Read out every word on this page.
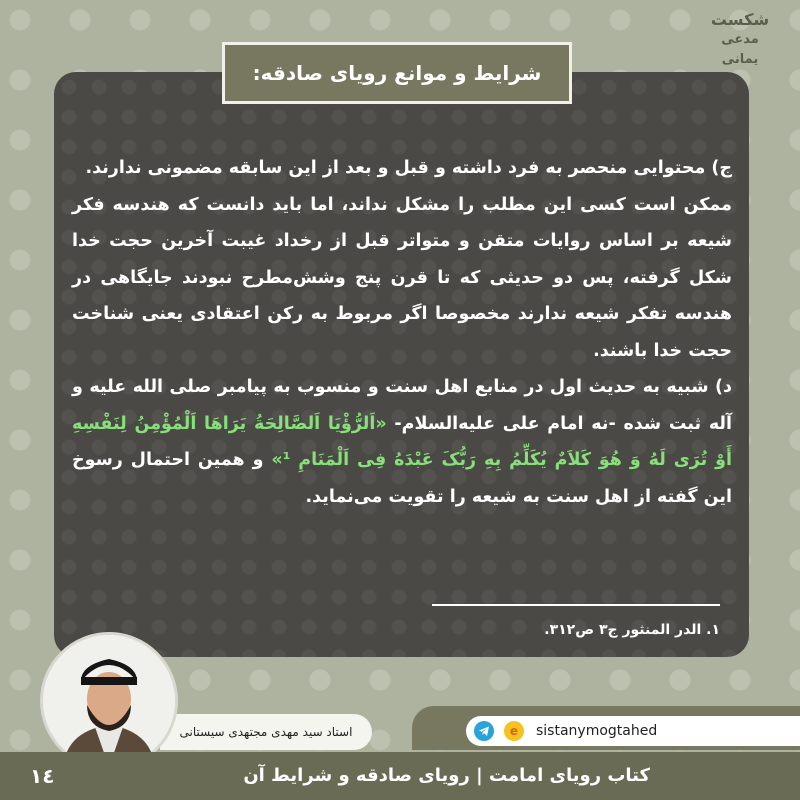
شکست
مدعی
یمانی
شرایط و موانع رویای صادقه:

ج) محتوایی منحصر به فرد داشته و قبل و بعد از این سابقه مضمونی ندارند.

ممکن است کسی این مطلب را مشکل نداند، اما باید دانست که هندسه فکر شیعه بر اساس روایات متقن و متواتر قبل از رخداد غیبت آخرین حجت خدا شکل گرفته، پس دو حدیثی که تا قرن پنج وشش‌مطرح نبودند جایگاهی در هندسه تفکر شیعه ندارند مخصوصا اگر مربوط به رکن اعتقادی یعنی شناخت حجت خدا باشند.

د) شبیه به حدیث اول در منابع اهل سنت و منسوب به پیامبر صلی الله علیه و آله ثبت شده -نه امام علی علیه‌السلام- «اَلرُّؤْیَا اَلصَّالِحَةُ یَرَاهَا اَلْمُؤْمِنُ لِنَفْسِهِ أَوْ تُرَى لَهُ وَ هُوَ کَلاَمٌ یُکَلِّمُ بِهِ رَبُّکَ عَبْدَهُ فِی اَلْمَنَامِ ¹» و همین احتمال رسوخ این گفته از اهل سنت به شیعه را تقویت می‌نماید.

١. الدر المنثور ج٣ ص٣١٢.
استاد سید مهدی مجتهدی سیستانی	e	sistanymogtahed
کتاب رویای امامت | رویای صادقه و شرایط آن
١٤
